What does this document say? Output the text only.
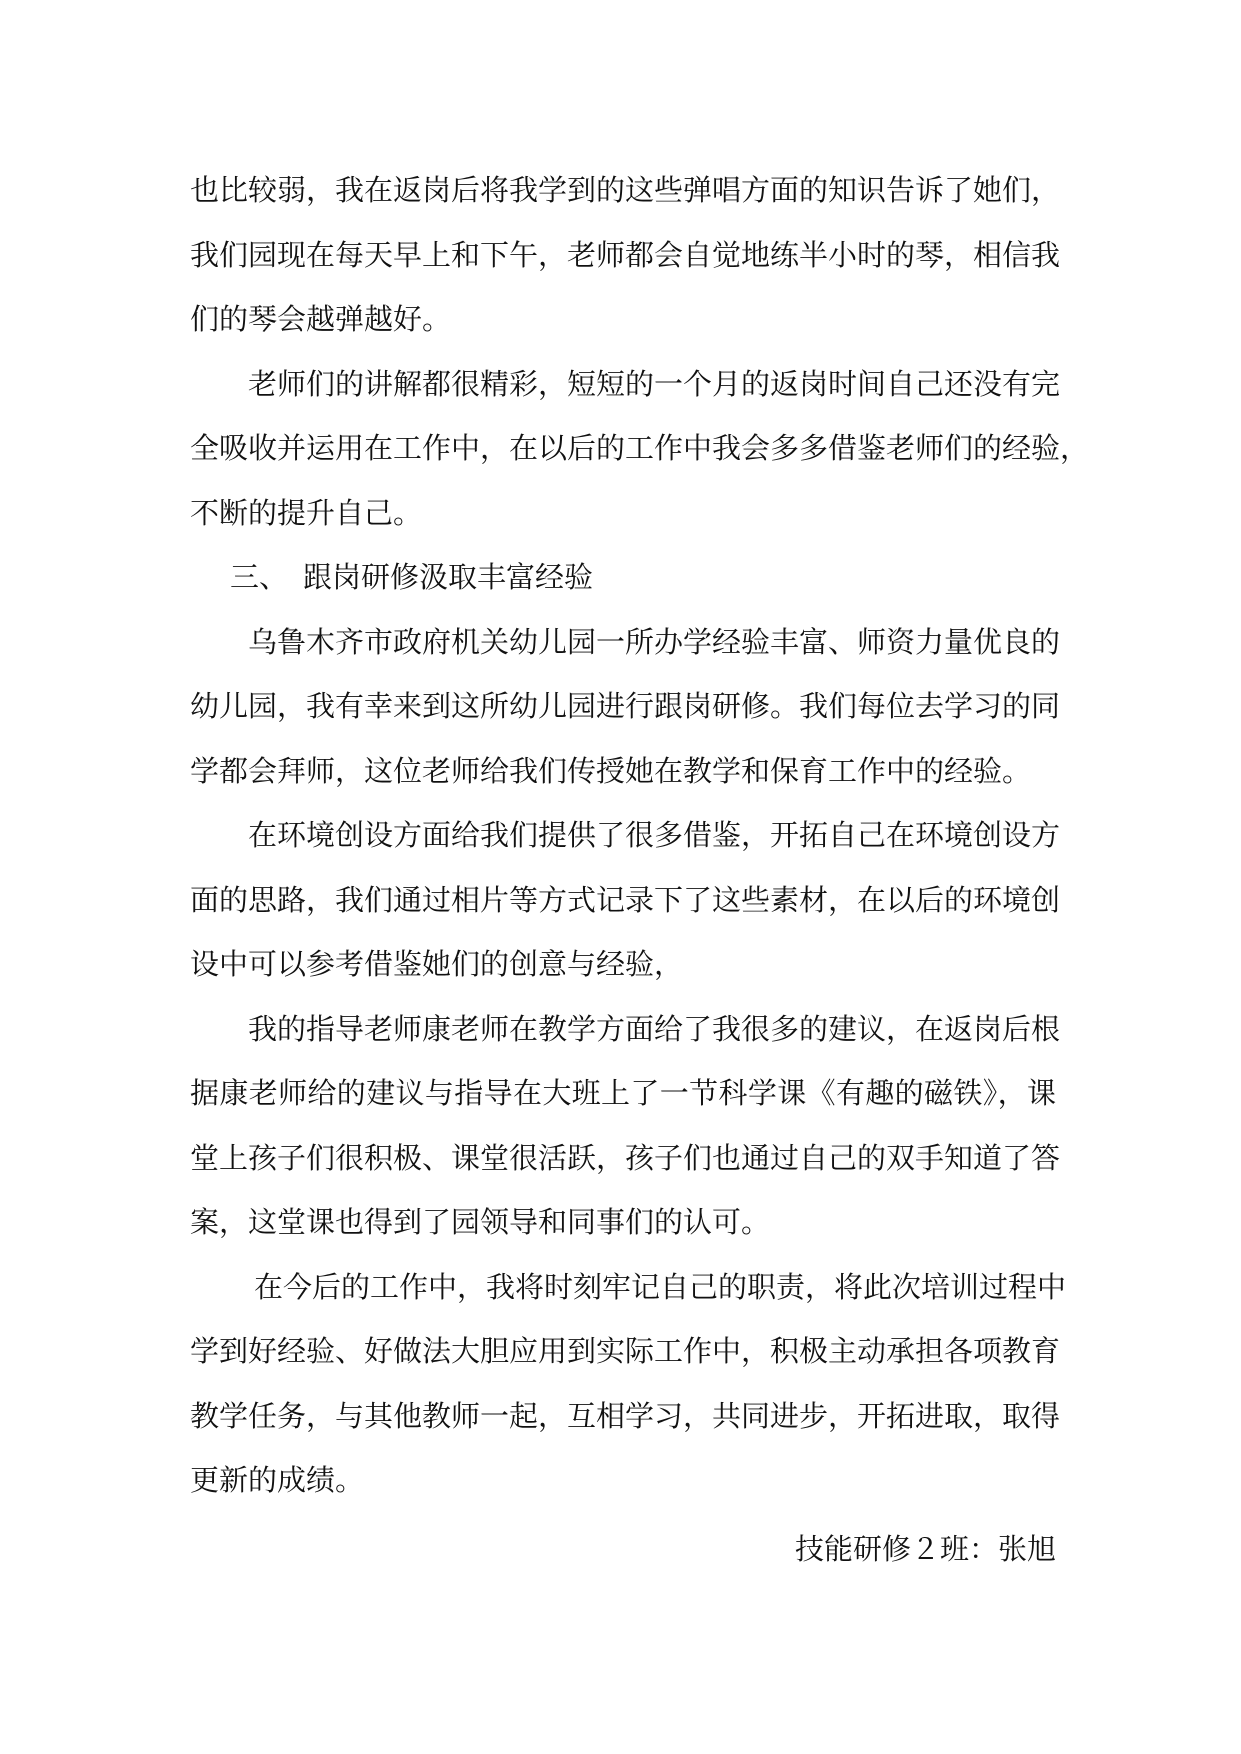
也比较弱，我在返岗后将我学到的这些弹唱方面的知识告诉了她们，
我们园现在每天早上和下午，老师都会自觉地练半小时的琴，相信我
们的琴会越弹越好。

老师们的讲解都很精彩，短短的一个月的返岗时间自己还没有完
全吸收并运用在工作中，在以后的工作中我会多多借鉴老师们的经验，
不断的提升自己。

三、 跟岗研修汲取丰富经验

乌鲁木齐市政府机关幼儿园一所办学经验丰富、师资力量优良的
幼儿园，我有幸来到这所幼儿园进行跟岗研修。我们每位去学习的同
学都会拜师，这位老师给我们传授她在教学和保育工作中的经验。

在环境创设方面给我们提供了很多借鉴，开拓自己在环境创设方
面的思路，我们通过相片等方式记录下了这些素材，在以后的环境创
设中可以参考借鉴她们的创意与经验，

我的指导老师康老师在教学方面给了我很多的建议，在返岗后根
据康老师给的建议与指导在大班上了一节科学课《有趣的磁铁》，课
堂上孩子们很积极、课堂很活跃，孩子们也通过自己的双手知道了答
案，这堂课也得到了园领导和同事们的认可。

在今后的工作中，我将时刻牢记自己的职责，将此次培训过程中
学到好经验、好做法大胆应用到实际工作中，积极主动承担各项教育
教学任务，与其他教师一起，互相学习，共同进步，开拓进取，取得
更新的成绩。

技能研修２班：张旭
